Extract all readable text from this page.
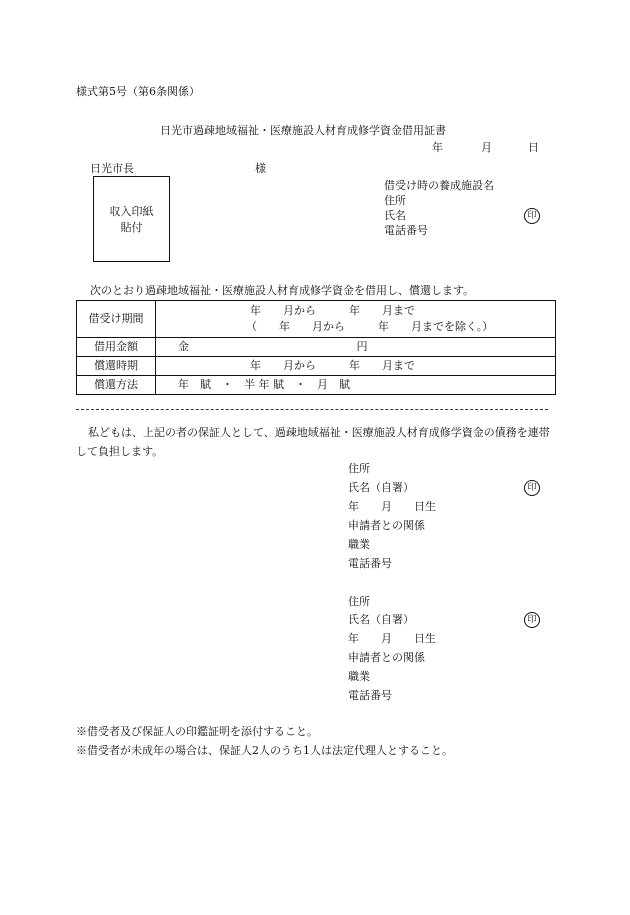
様式第5号（第6条関係）
日光市過疎地域福祉・医療施設人材育成修学資金借用証書
年	月	日
日光市長	様
収入印紙
貼付
借受け時の養成施設名
住所
氏名	印
電話番号
次のとおり過疎地域福祉・医療施設人材育成修学資金を借用し、償還します。
借受け期間	年　　月から　　　年　　月まで
（　　年　　月から　　　年　　月までを除く。）

借用金額	金 円
償還時期	年　　月から　　　年　　月まで
償還方法	年　賦　・　半 年 賦　・　月　賦
私どもは、上記の者の保証人として、過疎地域福祉・医療施設人材育成修学資金の債務を連帯して負担します。
住所
氏名（自署）	印
年　　月　　日生
申請者との関係
職業
電話番号
住所
氏名（自署）	印
年　　月　　日生
申請者との関係
職業
電話番号
※借受者及び保証人の印鑑証明を添付すること。
※借受者が未成年の場合は、保証人2人のうち1人は法定代理人とすること。
